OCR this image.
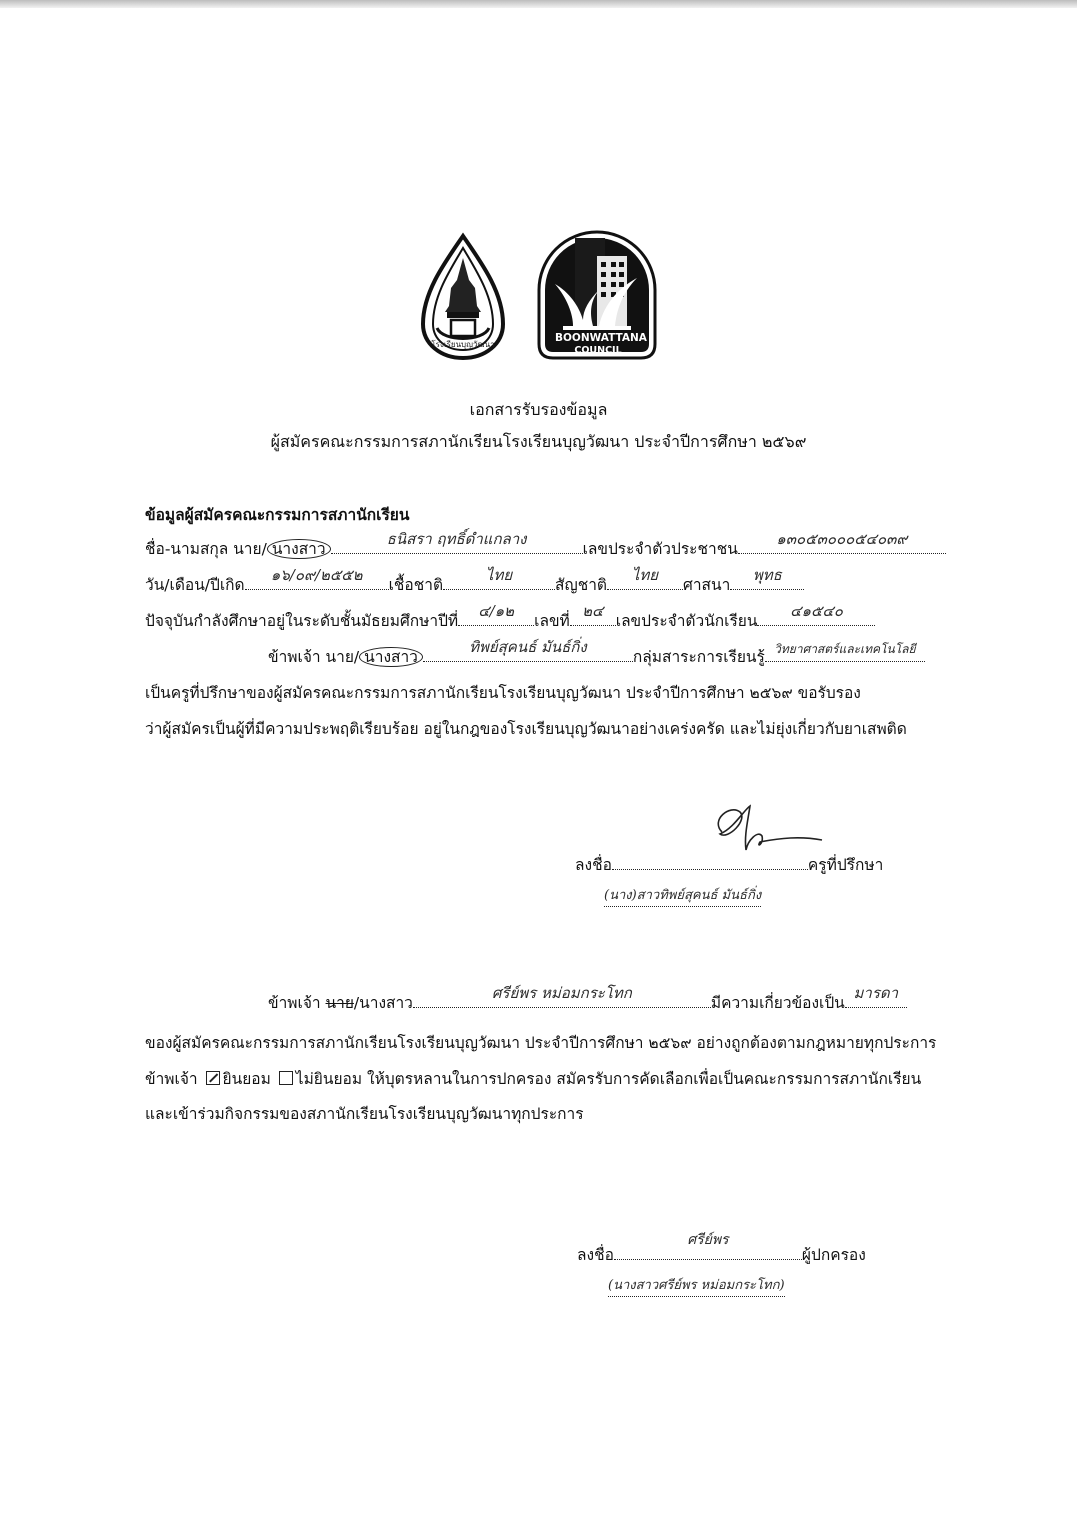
โรงเรียนบุญวัฒนา
BOONWATTANA
COUNCIL
เอกสารรับรองข้อมูล
ผู้สมัครคณะกรรมการสภานักเรียนโรงเรียนบุญวัฒนา ประจำปีการศึกษา ๒๕๖๙
ข้อมูลผู้สมัครคณะกรรมการสภานักเรียน
ชื่อ-นามสกุล นาย/ นางสาว
ธนิสรา ฤทธิ์ดำแกลาง
เลขประจำตัวประชาชน
๑๓๐๕๓๐๐๐๕๔๐๓๙
วัน/เดือน/ปีเกิด
๑๖/๐๙/๒๕๕๒
เชื้อชาติ
ไทย
สัญชาติ
ไทย
ศาสนา
พุทธ
ปัจจุบันกำลังศึกษาอยู่ในระดับชั้นมัธยมศึกษาปีที่
๔/๑๒
เลขที่
๒๔
เลขประจำตัวนักเรียน
๔๑๕๔๐
ข้าพเจ้า นาย/ นางสาว
ทิพย์สุคนธ์ มันธ์กิ่ง
กลุ่มสาระการเรียนรู้ วิทยาศาสตร์และเทคโนโลยี
เป็นครูที่ปรึกษาของผู้สมัครคณะกรรมการสภานักเรียนโรงเรียนบุญวัฒนา ประจำปีการศึกษา ๒๕๖๙ ขอรับรอง
ว่าผู้สมัครเป็นผู้ที่มีความประพฤติเรียบร้อย อยู่ในกฎของโรงเรียนบุญวัฒนาอย่างเคร่งครัด และไม่ยุ่งเกี่ยวกับยาเสพติด
ลงชื่อ	ครูที่ปรึกษา
(นาง)สาวทิพย์สุคนธ์ มันธ์กิ่ง
ข้าพเจ้า นาย/นางสาว
ศรีย์พร หม่อมกระโทก
มีความเกี่ยวข้องเป็น
มารดา
ของผู้สมัครคณะกรรมการสภานักเรียนโรงเรียนบุญวัฒนา ประจำปีการศึกษา ๒๕๖๙ อย่างถูกต้องตามกฎหมายทุกประการ
ข้าพเจ้า ยินยอม ไม่ยินยอม ให้บุตรหลานในการปกครอง สมัครรับการคัดเลือกเพื่อเป็นคณะกรรมการสภานักเรียน
และเข้าร่วมกิจกรรมของสภานักเรียนโรงเรียนบุญวัฒนาทุกประการ
ลงชื่อ
ศรีย์พร
ผู้ปกครอง
(นางสาวศรีย์พร หม่อมกระโทก)
